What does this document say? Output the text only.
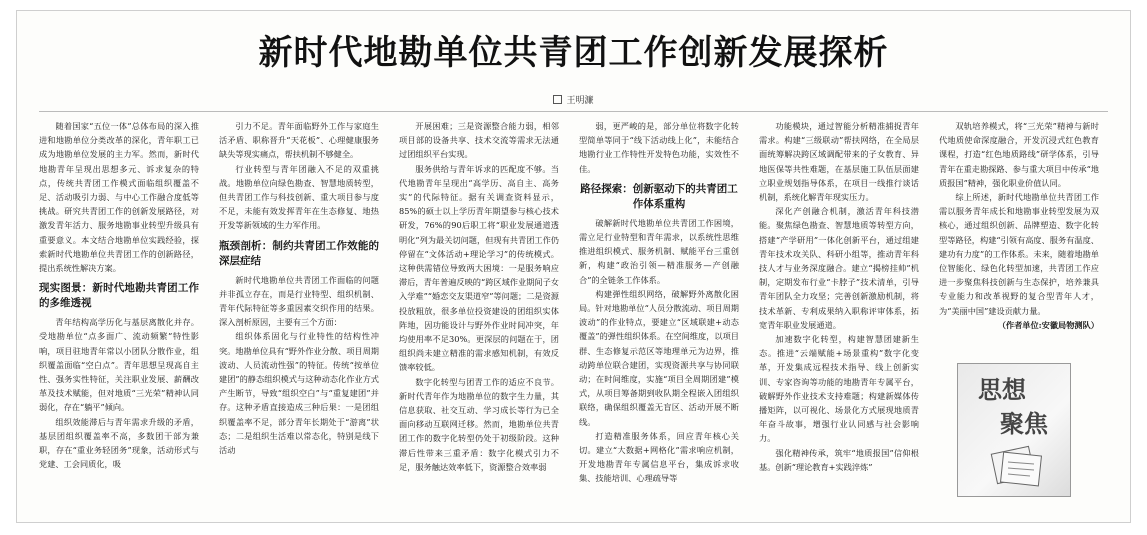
新时代地勘单位共青团工作创新发展探析
王明濂

随着国家“五位一体”总体布局的深入推进和地勘单位分类改革的深化，青年职工已成为地勘单位发展的主力军。然而，新时代地勘青年呈现出思想多元、诉求复杂的特点，传统共青团工作模式面临组织覆盖不足、活动吸引力弱、与中心工作融合度低等挑战。研究共青团工作的创新发展路径，对激发青年活力、服务地勘事业转型升级具有重要意义。本文结合地勘单位实践经验，探索新时代地勘单位共青团工作的创新路径，提出系统性解决方案。

现实图景：新时代地勘共青团工作的多维透视

青年结构高学历化与基层离散化并存。受地勘单位“点多面广、流动频繁”特性影响，项目驻地青年常以小团队分散作业，组织覆盖面临“空白点”。青年思想呈现高自主性、强务实性特征，关注职业发展、薪酬改革及技术赋能，但对地质“三光荣”精神认同弱化，存在“躺平”倾向。

组织效能滞后与青年需求升级的矛盾，基层团组织覆盖率不高，多数团干部为兼职，存在“重业务轻团务”现象，活动形式与党建、工会同质化，吸

引力不足。青年面临野外工作与家庭生活矛盾、职称晋升“天花板”、心理健康服务缺失等现实痛点，帮扶机制不够健全。

行业转型与青年团融入不足的双重挑战。地勘单位向绿色勘查、智慧地质转型，但共青团工作与科技创新、重大项目参与度不足，未能有效发挥青年在生态修复、地热开发等新领域的生力军作用。

瓶颈剖析：制约共青团工作效能的深层症结

新时代地勘单位共青团工作面临的问题并非孤立存在，而是行业特型、组织机制、青年代际特征等多重因素交织作用的结果。深入剖析原因，主要有三个方面：

组织体系固化与行业特性的结构性冲突。地勘单位具有“野外作业分散、项目周期波动、人员流动性强”的特征。传统“按单位建团”的静态组织模式与这种动态化作业方式产生断节，导致“组织空白”与“重复建团”并存。这种矛盾直接造成三种后果：一是团组织覆盖率不足，部分青年长期处于“游离”状态；二是组织生活难以常态化，特别是线下活动

开展困难；三是资源整合能力弱，相邻项目部的设备共享、技术交流等需求无法通过团组织平台实现。

服务供给与青年诉求的匹配度不够。当代地勘青年呈现出“高学历、高自主、高务实”的代际特征。据有关调查资料显示，85%的硕士以上学历青年期望参与核心技术研发，76%的90后职工将“职业发展通道透明化”列为最关切问题，但现有共青团工作仍停留在“文体活动+理论学习”的传统模式。这种供需错位导致两大困境：一是服务响应滞后，青年普遍反映的“跨区域作业期间子女入学难”“婚恋交友渠道窄”等问题；二是资源投放粗放，很多单位投资建设的团组织实体阵地，因功能设计与野外作业时间冲突，年均使用率不足30%。更深层的问题在于，团组织尚未建立精准的需求感知机制，有效反馈率较低。

数字化转型与团青工作的适应不良节。新时代青年作为地勘单位的数字生力量，其信息获取、社交互动、学习成长等行为已全面向移动互联网迁移。然而，地勘单位共青团工作的数字化转型仍处于初级阶段。这种滞后性带来三重矛盾：数字化模式引力不足，服务触达效率低下，资源整合效率弱

弱，更严峻的是，部分单位将数字化转型简单等同于“线下活动线上化”，未能结合地勘行业工作特性开发特色功能，实效性不佳。

路径探索：创新驱动下的共青团工作体系重构

破解新时代地勘单位共青团工作困境，需立足行业特型和青年需求，以系统性思维推进组织模式、服务机制、赋能平台三重创新，构建“政治引领—精准服务—产创融合”的全链条工作体系。

构建弹性组织网络，破解野外离散化困局。针对地勘单位“人员分散流动、项目周期波动”的作业特点，要建立“区域联建+动态覆盖”的弹性组织体系。在空间维度，以项目群、生态修复示范区等地理单元为边界，推动跨单位联合建团，实现资源共享与协同联动；在时间维度，实施“项目全周期团建”模式，从项目筹备期到收队期全程嵌入团组织联络，确保组织覆盖无盲区、活动开展不断线。

打造精准服务体系，回应青年核心关切。建立“大数据+网格化”需求响应机制，开发地勘青年专属信息平台，集成诉求收集、技能培训、心理疏导等

功能模块，通过智能分析精准捕捉青年需求。构建“三级联动”帮扶网络，在全局层面统筹解决跨区域调配带来的子女教育、异地医保等共性难题，在基层施工队伍层面建立职业规划指导体系，在项目一线推行谈话机制，系统化解青年现实压力。

深化产创融合机制，激活青年科技潜能。聚焦绿色勘查、智慧地质等转型方向，搭建“产学研用”一体化创新平台，通过组建青年技术攻关队、科研小组等，推动青年科技人才与业务深度融合。建立“揭榜挂帅”机制，定期发布行业“卡脖子”技术清单，引导青年团队全力攻坚；完善创新激励机制，将技术革新、专利成果纳入职称评审体系，拓宽青年职业发展通道。

加速数字化转型，构建智慧团建新生态。推进“云端赋能+场景重构”数字化变革，开发集成远程技术指导、线上创新实训、专家咨询等功能的地勘青年专属平台，破解野外作业技术支持难题；构建新媒体传播矩阵，以可视化、场景化方式展现地质青年奋斗故事，增强行业认同感与社会影响力。

强化精神传承，筑牢“地质报国”信仰根基。创新“理论教育+实践淬炼”

双轨培养模式，将“三光荣”精神与新时代地质使命深度融合，开发沉浸式红色教育课程，打造“红色地质路线”研学体系，引导青年在重走勘探路、参与重大项目中传承“地质报国”精神，强化职业价值认同。

综上所述，新时代地勘单位共青团工作需以服务青年成长和地勘事业转型发展为双核心，通过组织创新、品牌塑造、数字化转型等路径，构建“引领有高度、服务有温度、建功有力度”的工作体系。未来，随着地勘单位智能化、绿色化转型加速，共青团工作应进一步聚焦科技创新与生态保护，培养兼具专业能力和改革视野的复合型青年人才，为“美丽中国”建设贡献力量。

（作者单位:安徽局物测队）

思想
聚焦
